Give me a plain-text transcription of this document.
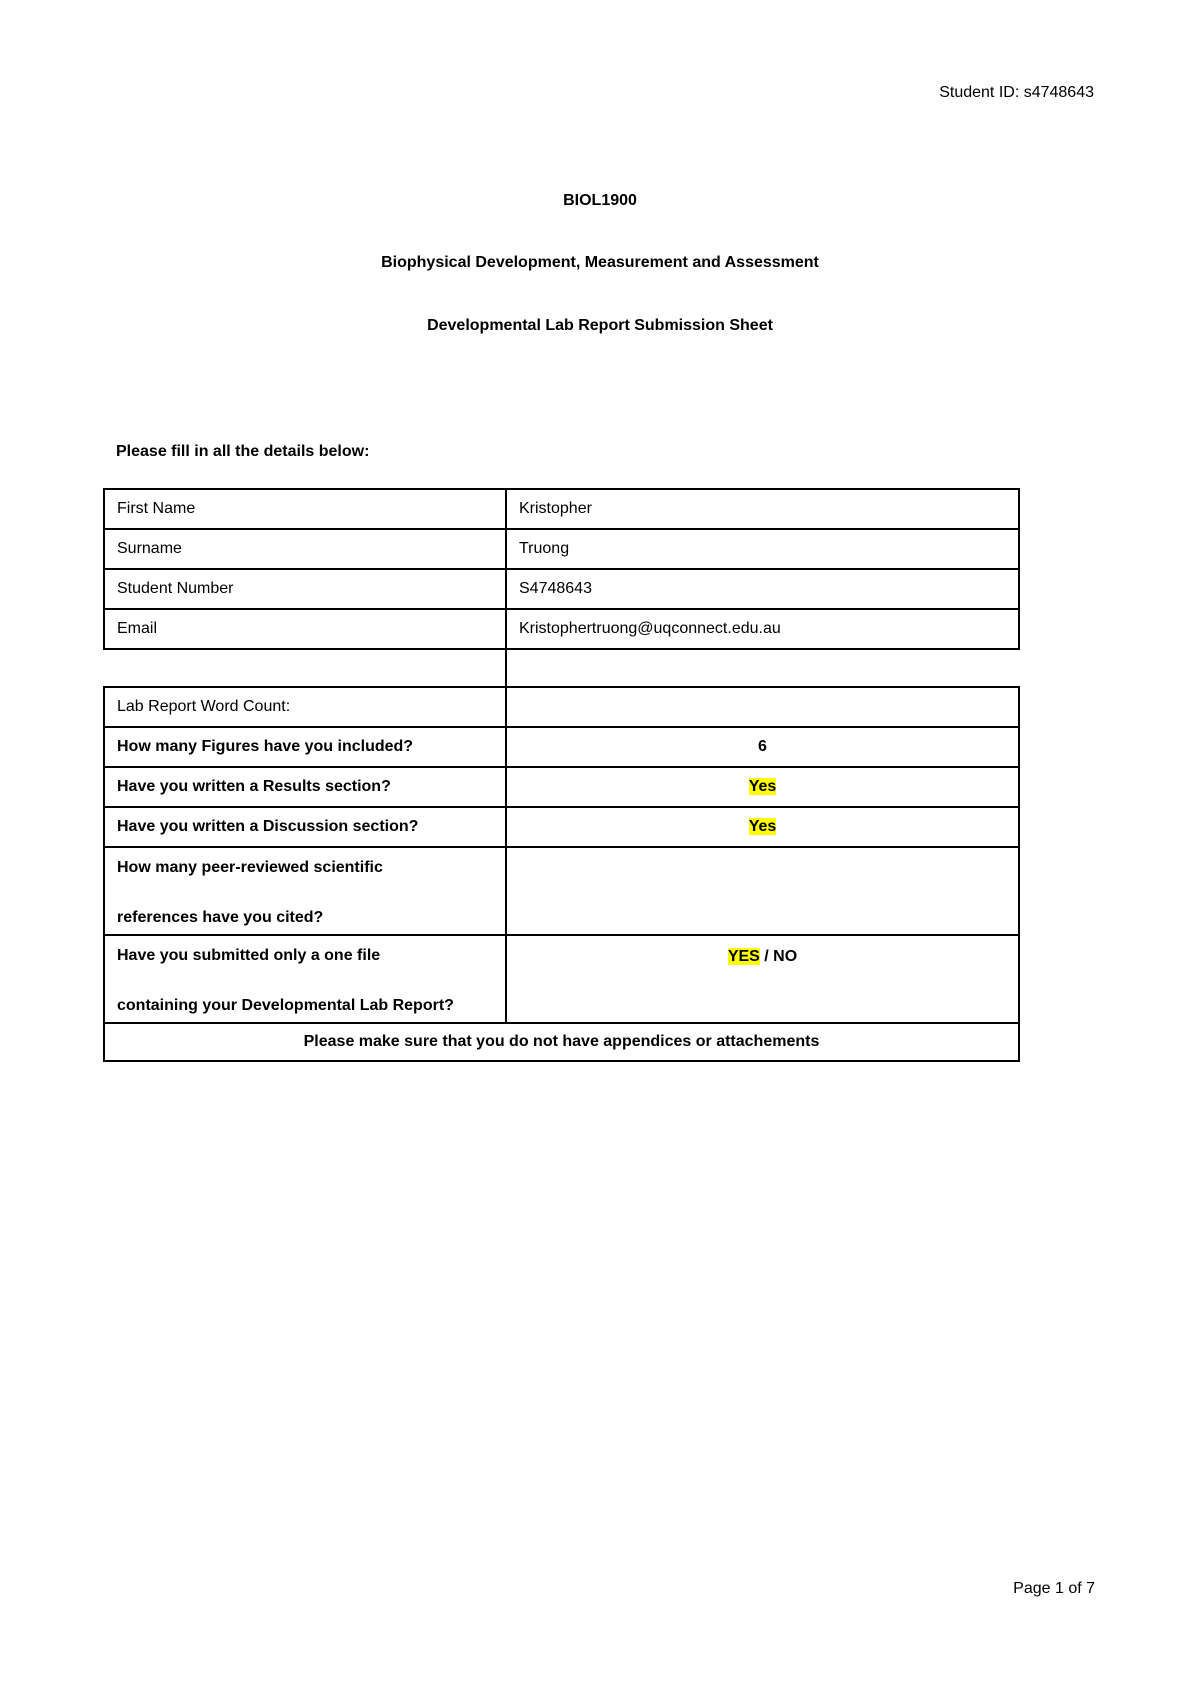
Student ID: s4748643
BIOL1900
Biophysical Development, Measurement and Assessment
Developmental Lab Report Submission Sheet
Please fill in all the details below:
First Name	Kristopher
Surname	Truong
Student Number	S4748643
Email	Kristophertruong@uqconnect.edu.au

Lab Report Word Count:	
How many Figures have you included?	6
Have you written a Results section?	Yes
Have you written a Discussion section?	Yes

How many peer-reviewed scientific
references have you cited?	

Have you submitted only a one file
containing your Developmental Lab Report?	YES / NO

Please make sure that you do not have appendices or attachements	
Page 1 of 7
